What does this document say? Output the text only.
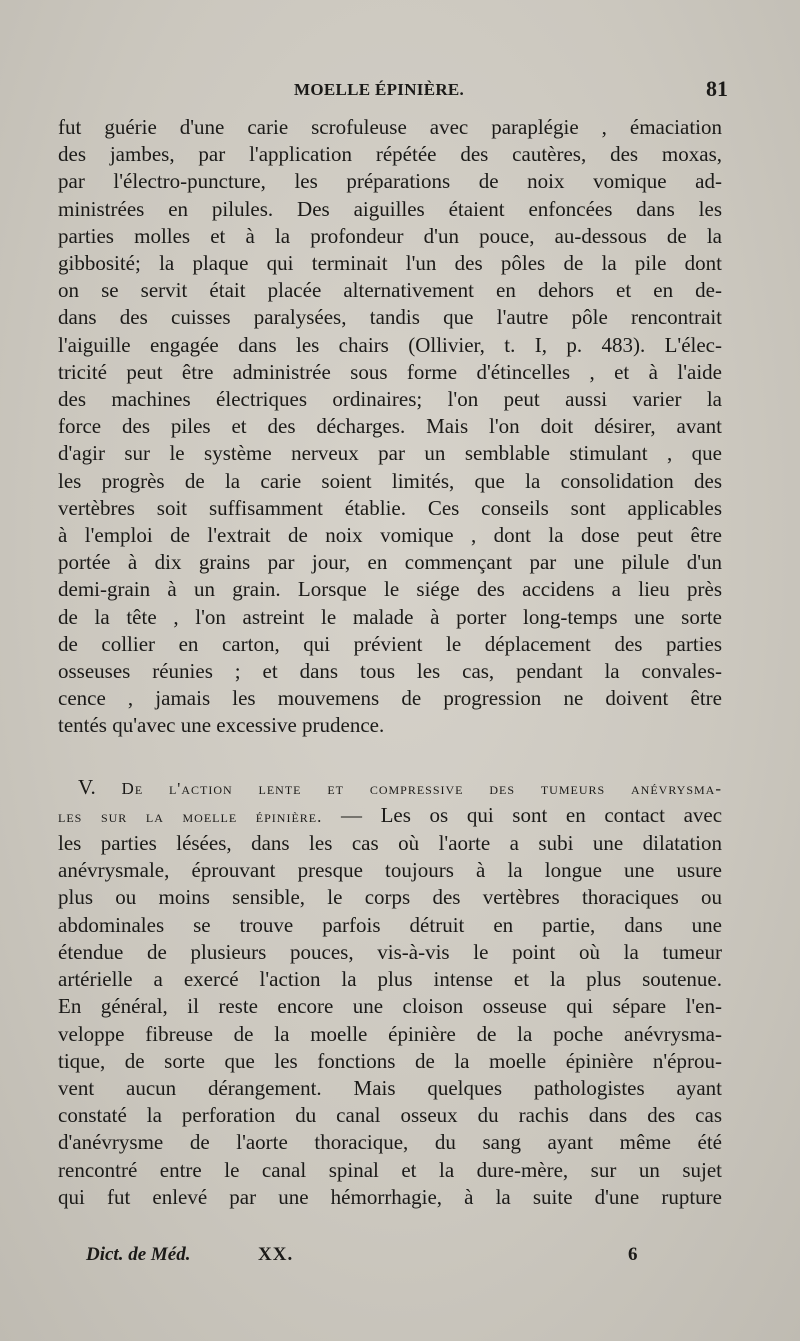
MOELLE ÉPINIÈRE.	81
fut guérie d'une carie scrofuleuse avec paraplégie , émaciation
des jambes, par l'application répétée des cautères, des moxas,
par l'électro-puncture, les préparations de noix vomique ad-
ministrées en pilules. Des aiguilles étaient enfoncées dans les
parties molles et à la profondeur d'un pouce, au-dessous de la
gibbosité; la plaque qui terminait l'un des pôles de la pile dont
on se servit était placée alternativement en dehors et en de-
dans des cuisses paralysées, tandis que l'autre pôle rencontrait
l'aiguille engagée dans les chairs (Ollivier, t. I, p. 483). L'élec-
tricité peut être administrée sous forme d'étincelles , et à l'aide
des machines électriques ordinaires; l'on peut aussi varier la
force des piles et des décharges. Mais l'on doit désirer, avant
d'agir sur le système nerveux par un semblable stimulant , que
les progrès de la carie soient limités, que la consolidation des
vertèbres soit suffisamment établie. Ces conseils sont applicables
à l'emploi de l'extrait de noix vomique , dont la dose peut être
portée à dix grains par jour, en commençant par une pilule d'un
demi-grain à un grain. Lorsque le siége des accidens a lieu près
de la tête , l'on astreint le malade à porter long-temps une sorte
de collier en carton, qui prévient le déplacement des parties
osseuses réunies ; et dans tous les cas, pendant la convales-
cence , jamais les mouvemens de progression ne doivent être
tentés qu'avec une excessive prudence.
V. De l'action lente et compressive des tumeurs anévrysma-
les sur la moelle épinière. — Les os qui sont en contact avec
les parties lésées, dans les cas où l'aorte a subi une dilatation
anévrysmale, éprouvant presque toujours à la longue une usure
plus ou moins sensible, le corps des vertèbres thoraciques ou
abdominales se trouve parfois détruit en partie, dans une
étendue de plusieurs pouces, vis-à-vis le point où la tumeur
artérielle a exercé l'action la plus intense et la plus soutenue.
En général, il reste encore une cloison osseuse qui sépare l'en-
veloppe fibreuse de la moelle épinière de la poche anévrysma-
tique, de sorte que les fonctions de la moelle épinière n'éprou-
vent aucun dérangement. Mais quelques pathologistes ayant
constaté la perforation du canal osseux du rachis dans des cas
d'anévrysme de l'aorte thoracique, du sang ayant même été
rencontré entre le canal spinal et la dure-mère, sur un sujet
qui fut enlevé par une hémorrhagie, à la suite d'une rupture
Dict. de Méd.	XX.	6
